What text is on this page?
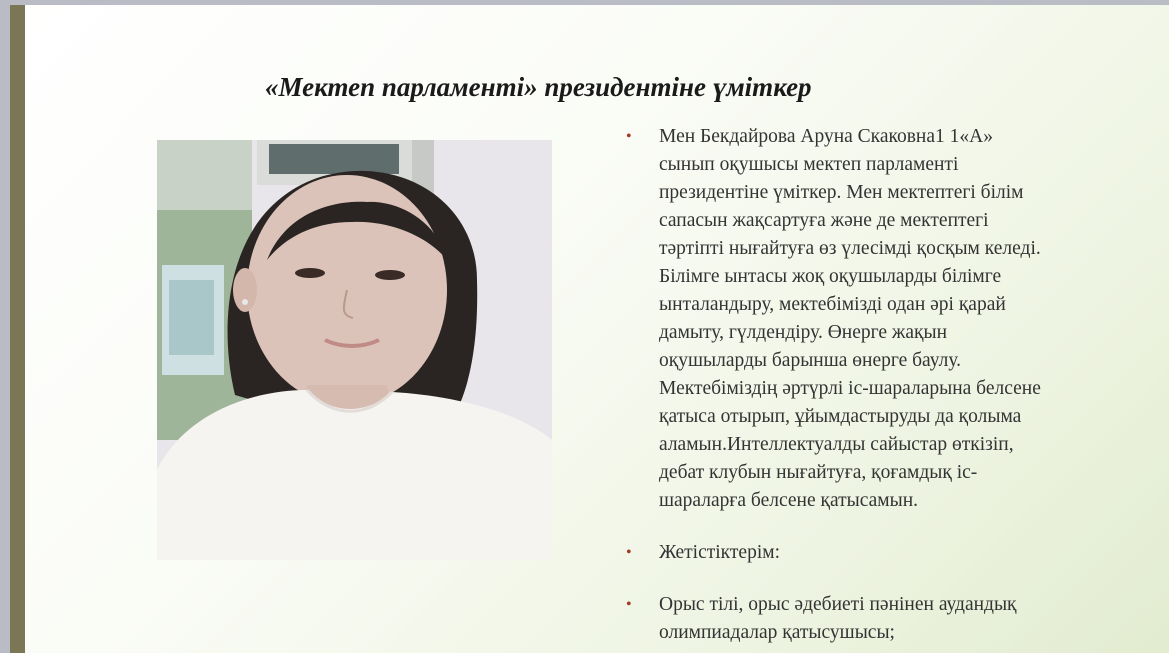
«Мектеп парламенті» президентіне үміткер
• Мен Бекдайрова Аруна Скаковна1 1«А»
сынып оқушысы мектеп парламенті
президентіне үміткер. Мен мектептегі білім
сапасын жақсартуға және де мектептегі
тәртіпті нығайтуға өз үлесімді қосқым келеді.
Білімге ынтасы жоқ оқушыларды білімге
ынталандыру, мектебімізді одан әрі қарай
дамыту, гүлдендіру. Өнерге жақын
оқушыларды барынша өнерге баулу.
Мектебіміздің әртүрлі іс-шараларына белсене
қатыса отырып, ұйымдастыруды да қолыма
аламын.Интеллектуалды сайыстар өткізіп,
дебат клубын нығайтуға, қоғамдық іс-
шараларға белсене қатысамын.
• Жетістіктерім:
• Орыс тілі, орыс әдебиеті пәнінен аудандық
олимпиадалар қатысушысы;
